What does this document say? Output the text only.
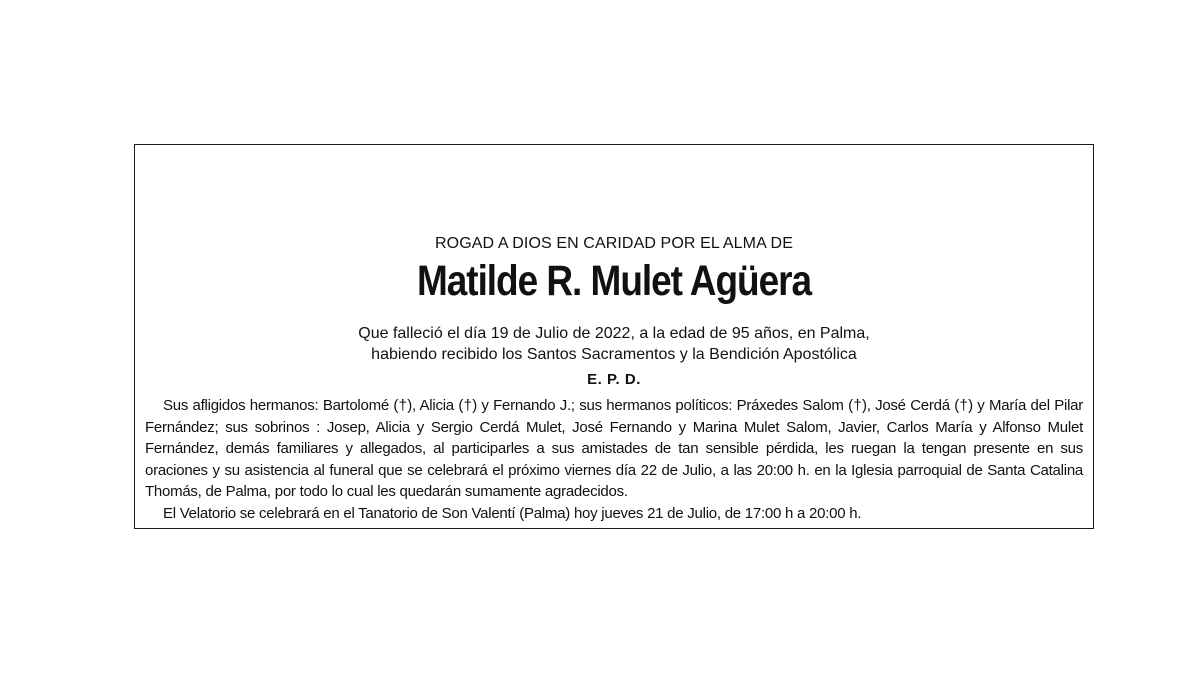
ROGAD A DIOS EN CARIDAD POR EL ALMA DE
Matilde R. Mulet Agüera
Que falleció el día 19 de Julio de 2022, a la edad de 95 años, en Palma,
habiendo recibido los Santos Sacramentos y la Bendición Apostólica
E. P. D.

Sus afligidos hermanos: Bartolomé (†), Alicia (†) y Fernando J.; sus hermanos políticos: Práxedes Salom (†), José Cerdá (†) y María del Pilar Fernández; sus sobrinos : Josep, Alicia y Sergio Cerdá Mulet, José Fernando y Marina Mulet Salom, Javier, Carlos María y Alfonso Mulet Fernández, demás familiares y allegados, al participarles a sus amistades de tan sensible pérdida, les ruegan la tengan presente en sus oraciones y su asistencia al funeral que se celebrará el próximo viernes día 22 de Julio, a las 20:00 h. en la Iglesia parroquial de Santa Catalina Thomás, de Palma, por todo lo cual les quedarán sumamente agradecidos.

El Velatorio se celebrará en el Tanatorio de Son Valentí (Palma) hoy jueves 21 de Julio, de 17:00 h a 20:00 h.
